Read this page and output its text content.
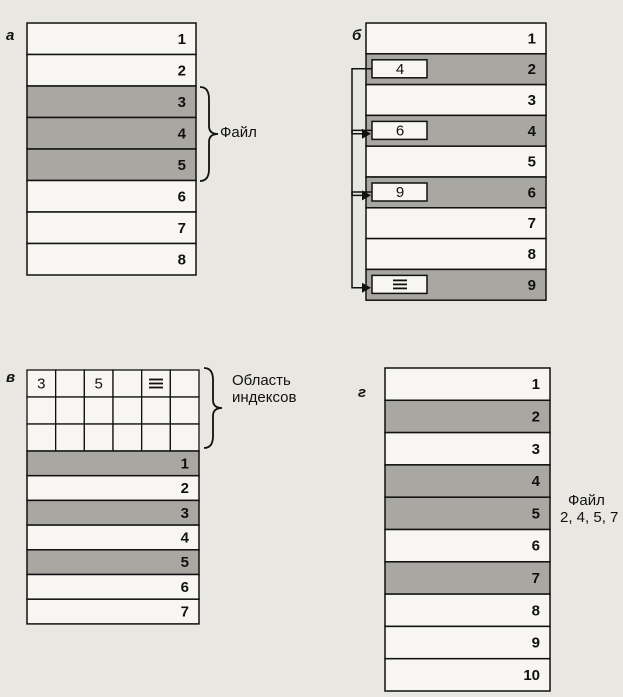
1
2
3
4
5
6
7
8
1
2
3
4
5
6
7
8
9
4
6
9
3	5
1
2
3
4
5
6
7
1
2
3
4
5
6
7
8
9
10
а	б
в
г
Файл
Область
индексов
Файл
2, 4, 5, 7
